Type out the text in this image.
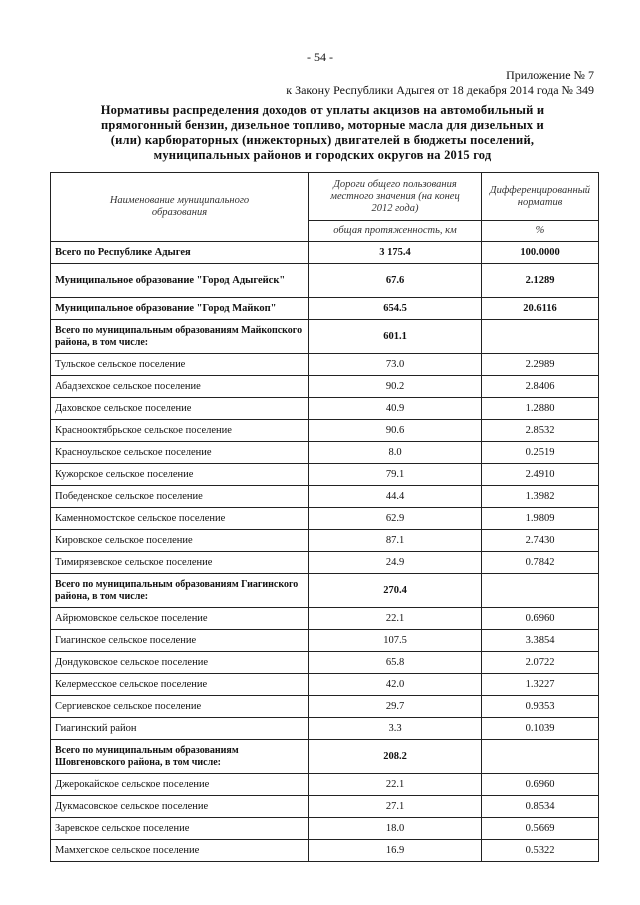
- 54 -
Приложение № 7
к Закону Республики Адыгея от 18 декабря 2014 года № 349
Нормативы распределения доходов от уплаты акцизов на автомобильный и
прямогонный бензин, дизельное топливо, моторные масла для дизельных и
(или) карбюраторных (инжекторных) двигателей в бюджеты поселений,
муниципальных районов и городских округов на 2015 год
Наименование муниципального образования	Дороги общего пользования местного значения (на конец 2012 года)	Дифференцированный норматив
	общая протяженность, км	%
Всего по Республике Адыгея	3 175.4	100.0000
Муниципальное образование "Город Адыгейск"	67.6	2.1289
Муниципальное образование "Город Майкоп"	654.5	20.6116
Всего по муниципальным образованиям Майкопского района, в том числе:	601.1	
Тульское сельское поселение	73.0	2.2989
Абадзехское сельское поселение	90.2	2.8406
Даховское сельское поселение	40.9	1.2880
Краснооктябрьское сельское поселение	90.6	2.8532
Красноульское сельское поселение	8.0	0.2519
Кужорское сельское поселение	79.1	2.4910
Победенское сельское поселение	44.4	1.3982
Каменномостское сельское поселение	62.9	1.9809
Кировское сельское поселение	87.1	2.7430
Тимирязевское сельское поселение	24.9	0.7842
Всего по муниципальным образованиям Гиагинского района, в том числе:	270.4	
Айрюмовское сельское поселение	22.1	0.6960
Гиагинское сельское поселение	107.5	3.3854
Дондуковское сельское поселение	65.8	2.0722
Келермесское сельское поселение	42.0	1.3227
Сергиевское сельское поселение	29.7	0.9353
Гиагинский район	3.3	0.1039
Всего по муниципальным образованиям Шовгеновского района, в том числе:	208.2	
Джерокайское сельское поселение	22.1	0.6960
Дукмасовское сельское поселение	27.1	0.8534
Заревское сельское поселение	18.0	0.5669
Мамхегское сельское поселение	16.9	0.5322
